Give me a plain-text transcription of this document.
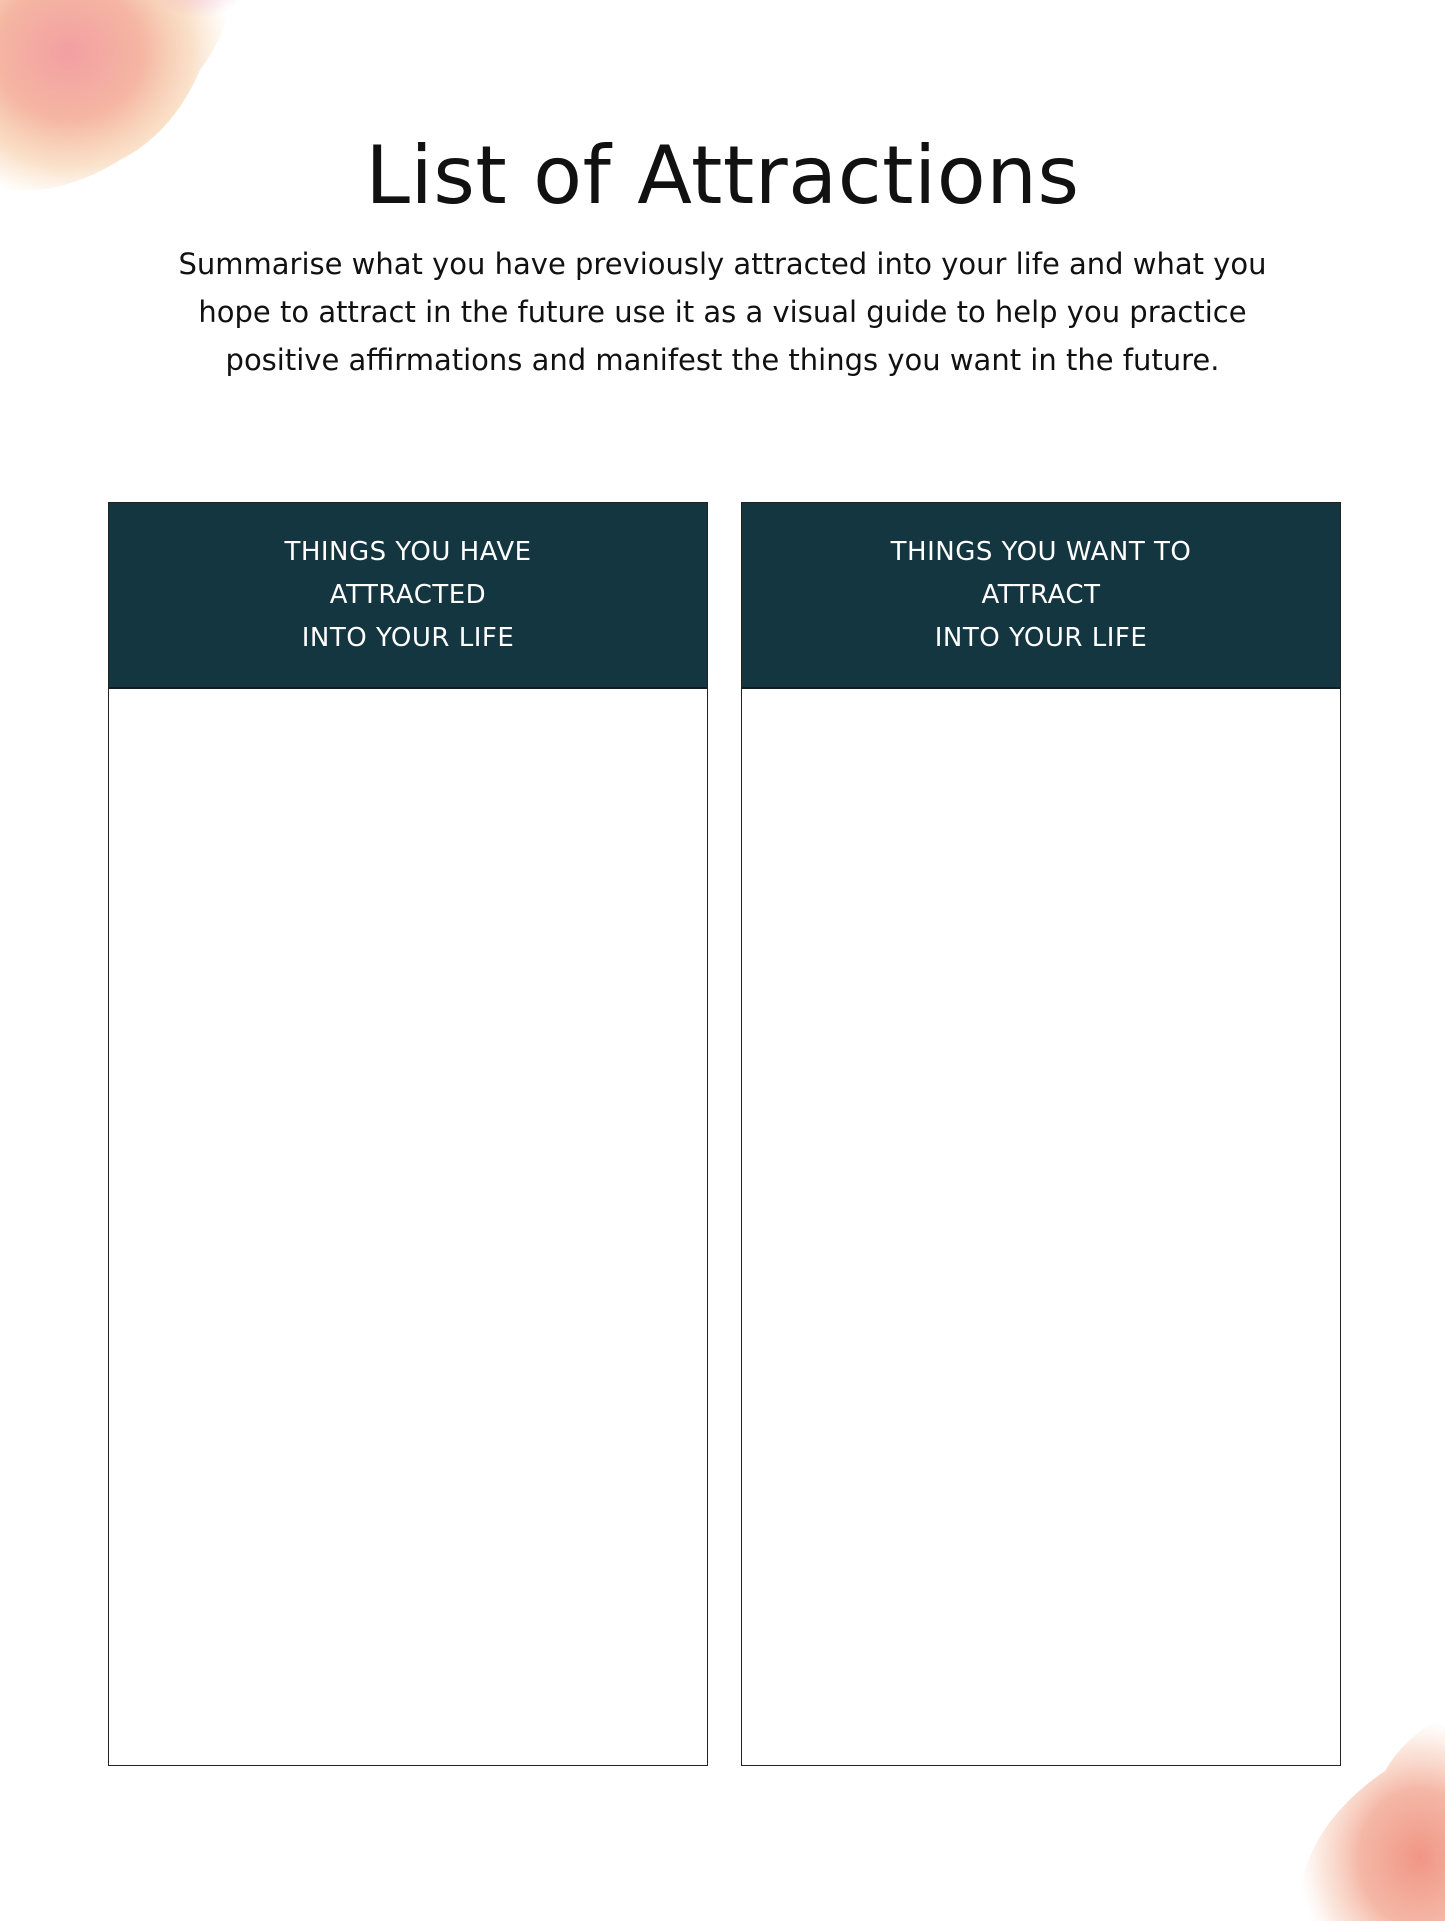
List of Attractions

Summarise what you have previously attracted into your life and what you hope to attract in the future use it as a visual guide to help you practice positive affirmations and manifest the things you want in the future.

THINGS YOU HAVE
ATTRACTED
INTO YOUR LIFE
THINGS YOU WANT TO
ATTRACT
INTO YOUR LIFE
